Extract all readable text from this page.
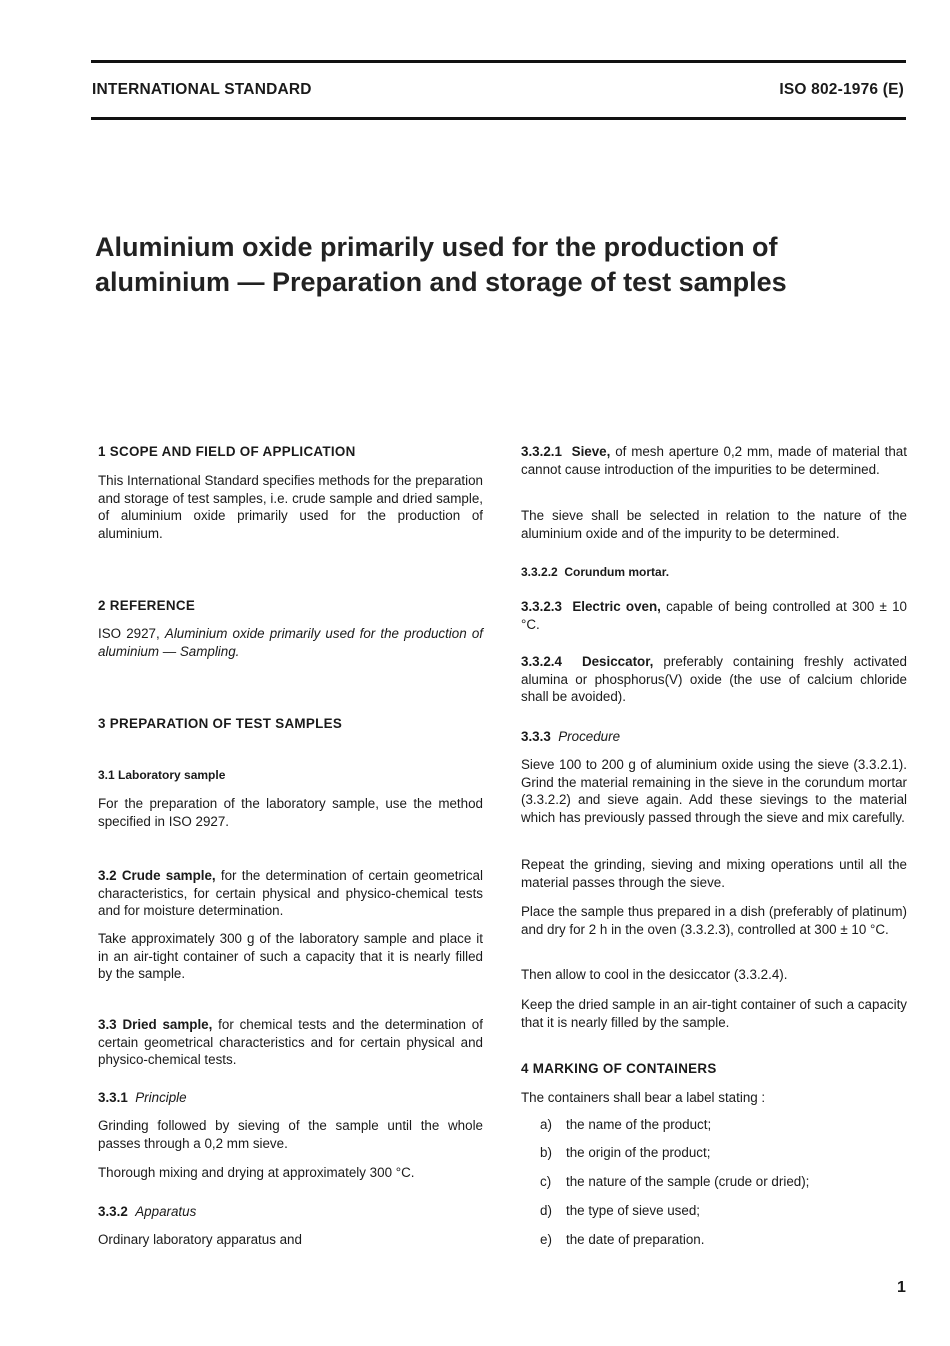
INTERNATIONAL STANDARD	ISO 802-1976 (E)
Aluminium oxide primarily used for the production of aluminium — Preparation and storage of test samples
1 SCOPE AND FIELD OF APPLICATION
This International Standard specifies methods for the preparation and storage of test samples, i.e. crude sample and dried sample, of aluminium oxide primarily used for the production of aluminium.
2 REFERENCE
ISO 2927, Aluminium oxide primarily used for the production of aluminium — Sampling.
3 PREPARATION OF TEST SAMPLES
3.1 Laboratory sample
For the preparation of the laboratory sample, use the method specified in ISO 2927.
3.2 Crude sample, for the determination of certain geometrical characteristics, for certain physical and physico-chemical tests and for moisture determination.
Take approximately 300 g of the laboratory sample and place it in an air-tight container of such a capacity that it is nearly filled by the sample.
3.3 Dried sample, for chemical tests and the determination of certain geometrical characteristics and for certain physical and physico-chemical tests.
3.3.1 Principle
Grinding followed by sieving of the sample until the whole passes through a 0,2 mm sieve.
Thorough mixing and drying at approximately 300 °C.
3.3.2 Apparatus
Ordinary laboratory apparatus and
3.3.2.1 Sieve, of mesh aperture 0,2 mm, made of material that cannot cause introduction of the impurities to be determined.
The sieve shall be selected in relation to the nature of the aluminium oxide and of the impurity to be determined.
3.3.2.2 Corundum mortar.
3.3.2.3 Electric oven, capable of being controlled at 300 ± 10 °C.
3.3.2.4 Desiccator, preferably containing freshly activated alumina or phosphorus(V) oxide (the use of calcium chloride shall be avoided).
3.3.3 Procedure
Sieve 100 to 200 g of aluminium oxide using the sieve (3.3.2.1). Grind the material remaining in the sieve in the corundum mortar (3.3.2.2) and sieve again. Add these sievings to the material which has previously passed through the sieve and mix carefully.
Repeat the grinding, sieving and mixing operations until all the material passes through the sieve.
Place the sample thus prepared in a dish (preferably of platinum) and dry for 2 h in the oven (3.3.2.3), controlled at 300 ± 10 °C.
Then allow to cool in the desiccator (3.3.2.4).
Keep the dried sample in an air-tight container of such a capacity that it is nearly filled by the sample.
4 MARKING OF CONTAINERS
The containers shall bear a label stating :
a) the name of the product;
b) the origin of the product;
c) the nature of the sample (crude or dried);
d) the type of sieve used;
e) the date of preparation.
1
